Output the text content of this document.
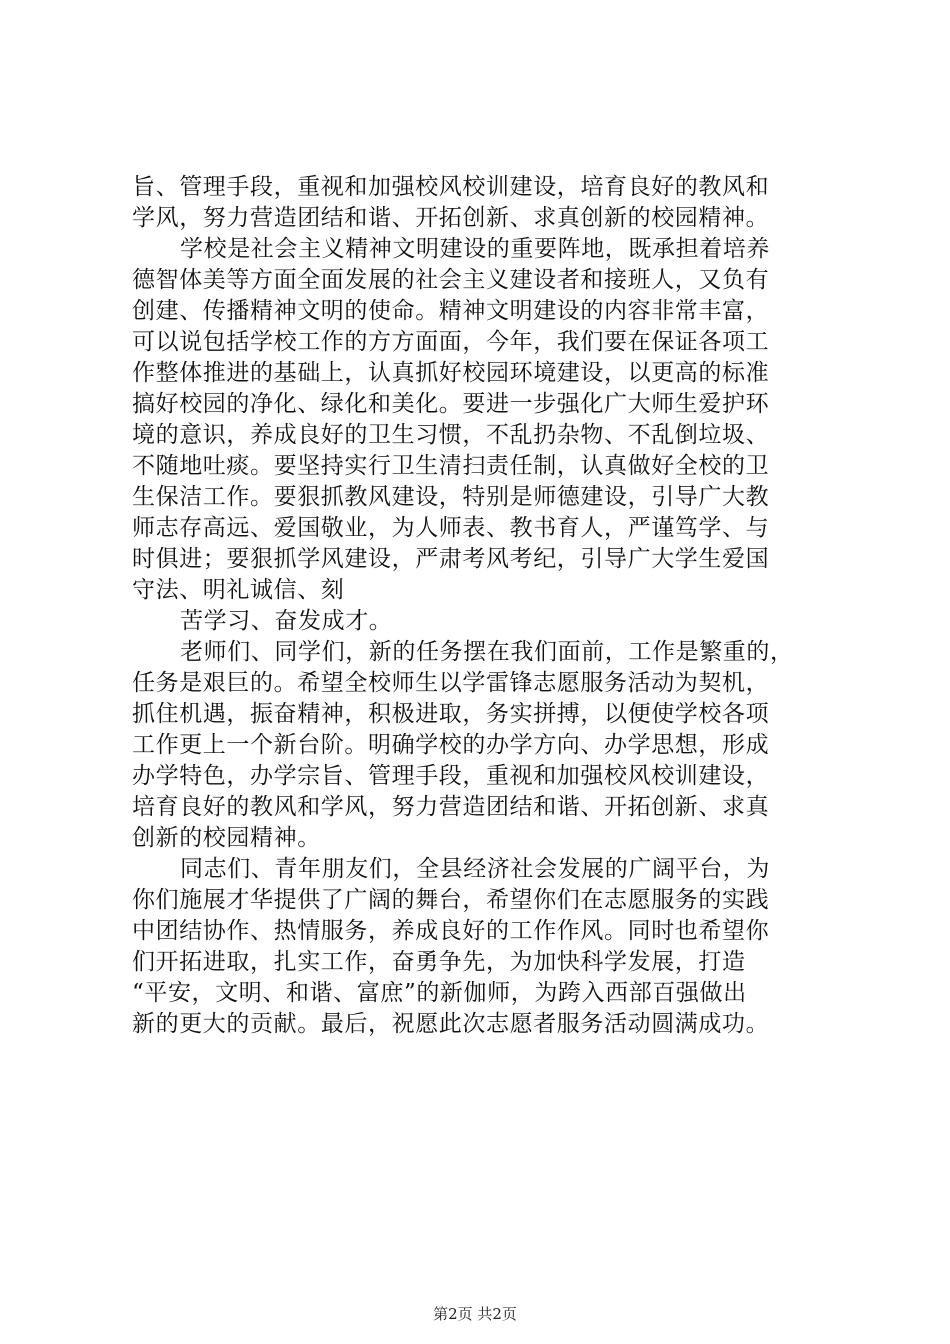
旨、管理手段，重视和加强校风校训建设，培育良好的教风和
学风，努力营造团结和谐、开拓创新、求真创新的校园精神。
学校是社会主义精神文明建设的重要阵地，既承担着培养
德智体美等方面全面发展的社会主义建设者和接班人，又负有
创建、传播精神文明的使命。精神文明建设的内容非常丰富，
可以说包括学校工作的方方面面，今年，我们要在保证各项工
作整体推进的基础上，认真抓好校园环境建设，以更高的标准
搞好校园的净化、绿化和美化。要进一步强化广大师生爱护环
境的意识，养成良好的卫生习惯，不乱扔杂物、不乱倒垃圾、
不随地吐痰。要坚持实行卫生清扫责任制，认真做好全校的卫
生保洁工作。要狠抓教风建设，特别是师德建设，引导广大教
师志存高远、爱国敬业，为人师表、教书育人，严谨笃学、与
时俱进；要狠抓学风建设，严肃考风考纪，引导广大学生爱国
守法、明礼诚信、刻
苦学习、奋发成才。
老师们、同学们，新的任务摆在我们面前，工作是繁重的，
任务是艰巨的。希望全校师生以学雷锋志愿服务活动为契机，
抓住机遇，振奋精神，积极进取，务实拼搏，以便使学校各项
工作更上一个新台阶。明确学校的办学方向、办学思想，形成
办学特色，办学宗旨、管理手段，重视和加强校风校训建设，
培育良好的教风和学风，努力营造团结和谐、开拓创新、求真
创新的校园精神。
同志们、青年朋友们，全县经济社会发展的广阔平台，为
你们施展才华提供了广阔的舞台，希望你们在志愿服务的实践
中团结协作、热情服务，养成良好的工作作风。同时也希望你
们开拓进取，扎实工作，奋勇争先，为加快科学发展，打造
“平安，文明、和谐、富庶”的新伽师，为跨入西部百强做出
新的更大的贡献。最后，祝愿此次志愿者服务活动圆满成功。
第2页 共2页
